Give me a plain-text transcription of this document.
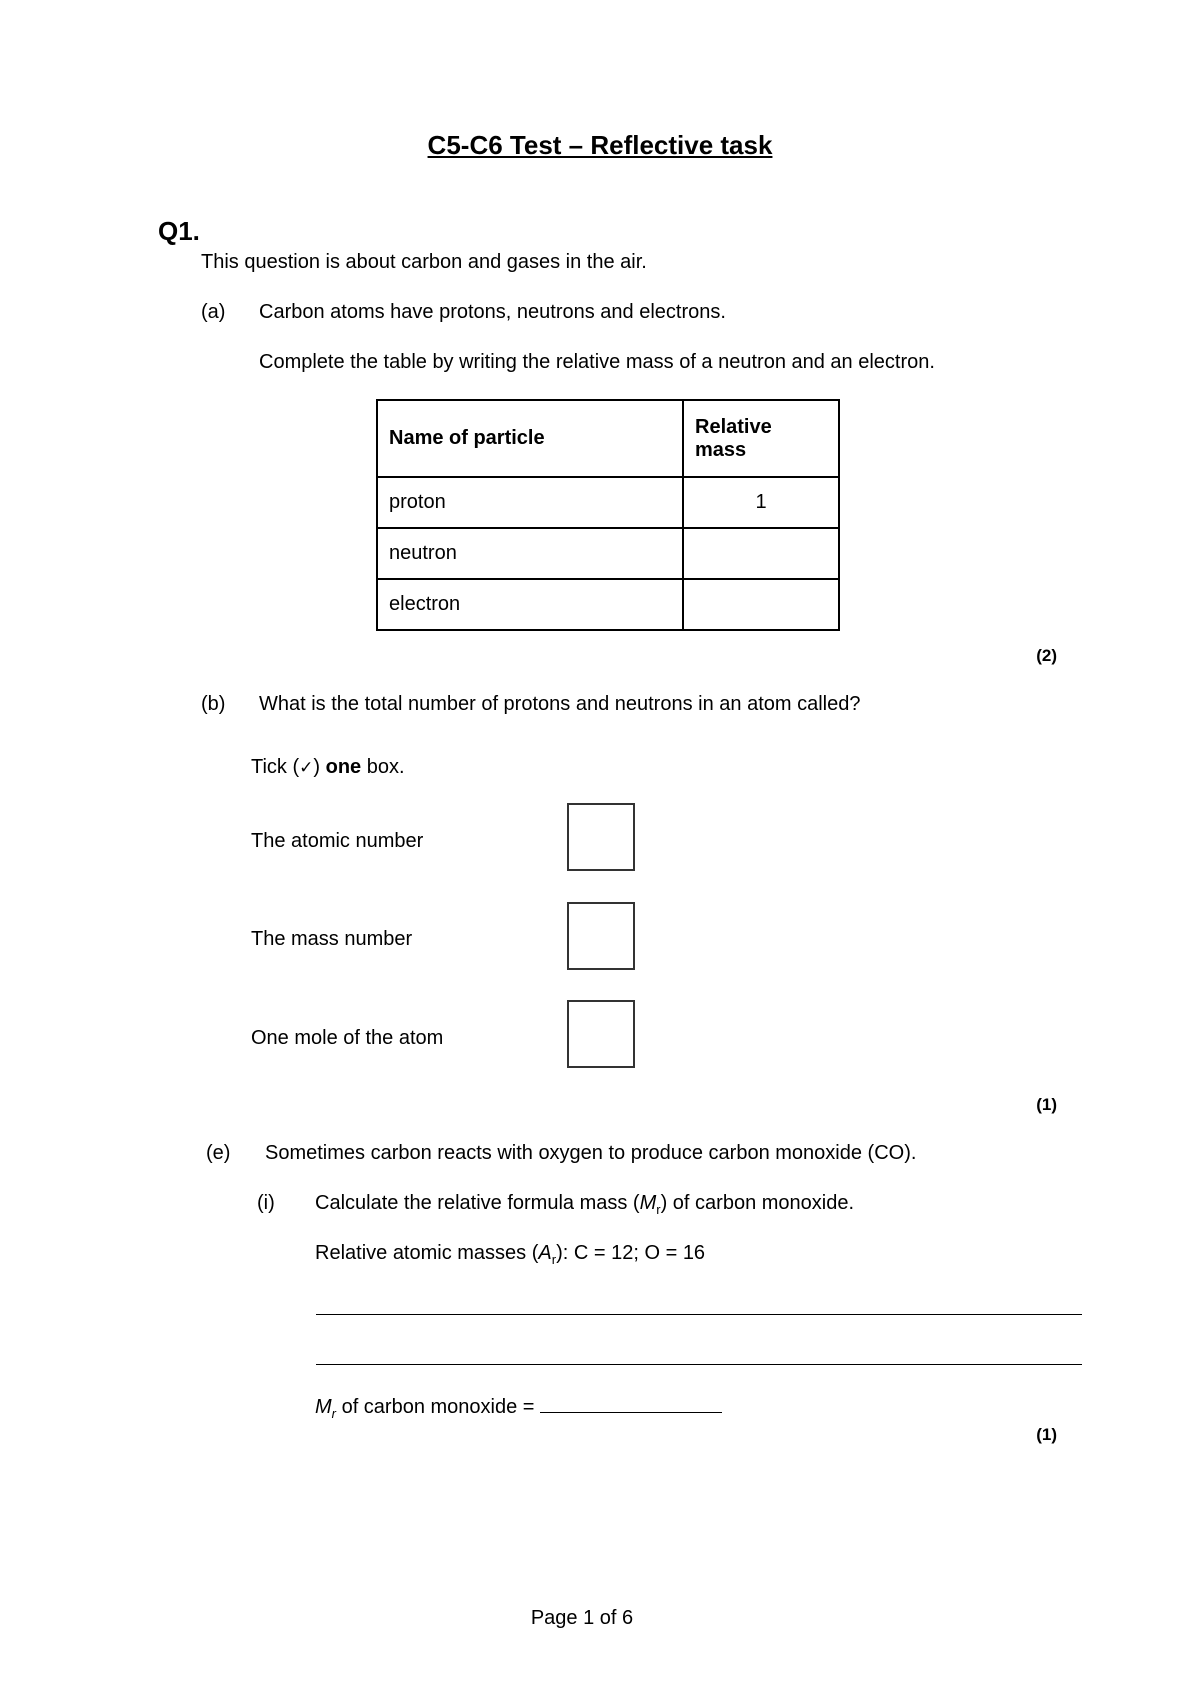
C5-C6 Test – Reflective task
Q1.
This question is about carbon and gases in the air.
(a) Carbon atoms have protons, neutrons and electrons.
Complete the table by writing the relative mass of a neutron and an electron.
Name of particle	Relative mass
proton	1
neutron	
electron	
(2)
(b) What is the total number of protons and neutrons in an atom called?
Tick (✓) one box.
The atomic number
The mass number
One mole of the atom
(1)
(e) Sometimes carbon reacts with oxygen to produce carbon monoxide (CO).
(i) Calculate the relative formula mass $(M_r)$ of carbon monoxide.
Relative atomic masses $(A_r)$: C = 12; O = 16
$M_r$ of carbon monoxide =
(1)
Page 1 of 6
